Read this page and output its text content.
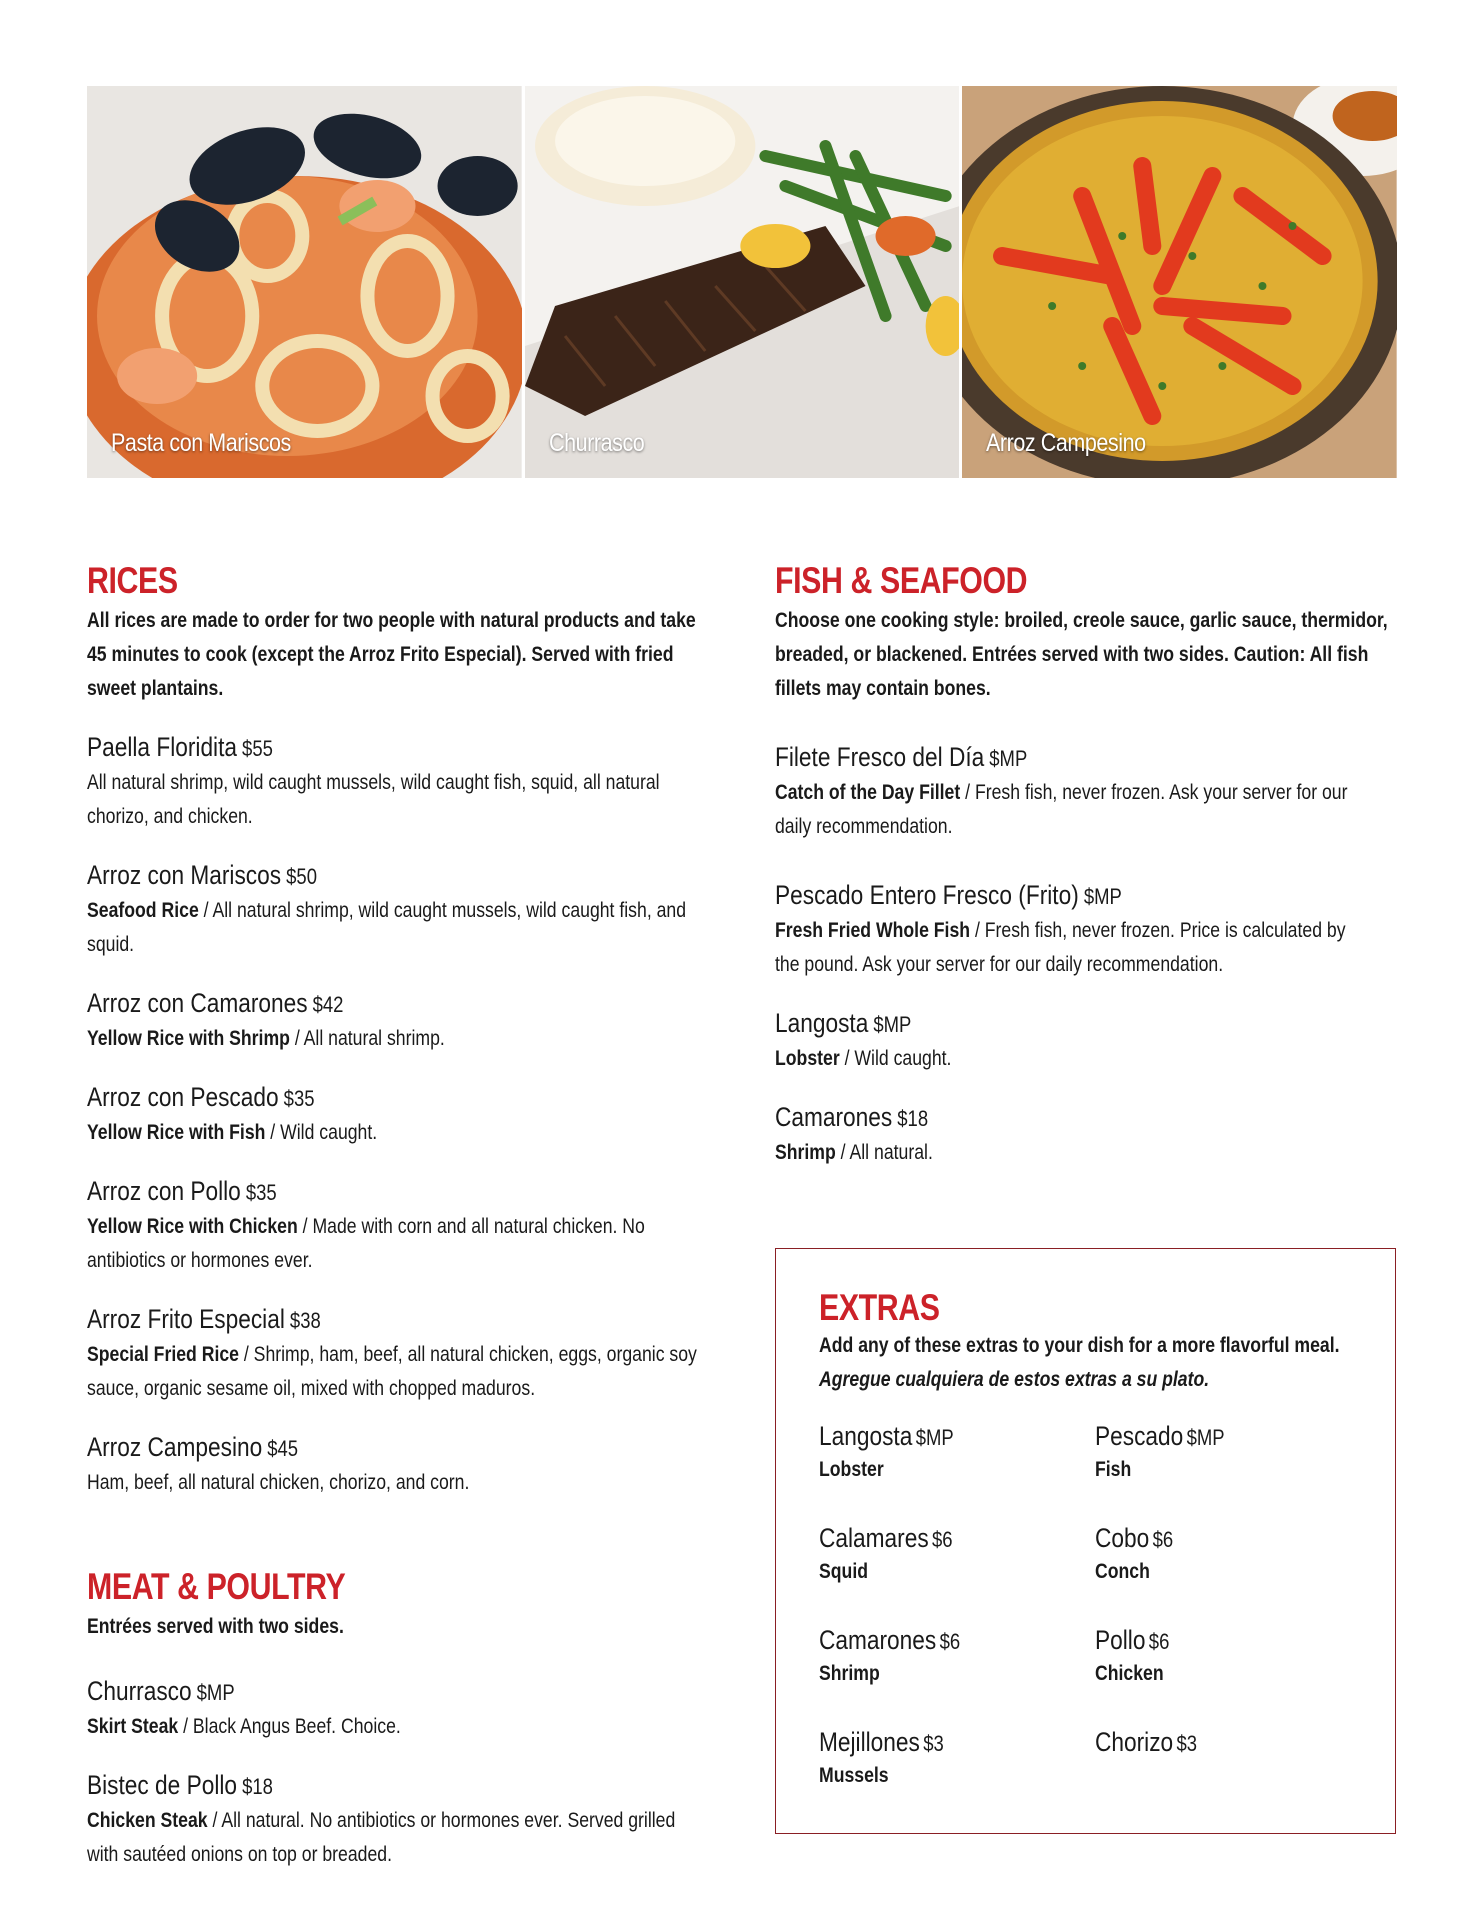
Pasta con Mariscos	Churrasco	Arroz Campesino
RICES
All rices are made to order for two people with natural products and take 45 minutes to cook (except the Arroz Frito Especial). Served with fried sweet plantains.
Paella Floridita $55
All natural shrimp, wild caught mussels, wild caught fish, squid, all natural chorizo, and chicken.
Arroz con Mariscos $50
Seafood Rice / All natural shrimp, wild caught mussels, wild caught fish, and squid.
Arroz con Camarones $42
Yellow Rice with Shrimp / All natural shrimp.
Arroz con Pescado $35
Yellow Rice with Fish / Wild caught.
Arroz con Pollo $35
Yellow Rice with Chicken / Made with corn and all natural chicken. No antibiotics or hormones ever.
Arroz Frito Especial $38
Special Fried Rice / Shrimp, ham, beef, all natural chicken, eggs, organic soy sauce, organic sesame oil, mixed with chopped maduros.
Arroz Campesino $45
Ham, beef, all natural chicken, chorizo, and corn.
MEAT & POULTRY
Entrées served with two sides.
Churrasco $MP
Skirt Steak / Black Angus Beef. Choice.
Bistec de Pollo $18
Chicken Steak / All natural. No antibiotics or hormones ever. Served grilled with sautéed onions on top or breaded.
FISH & SEAFOOD
Choose one cooking style: broiled, creole sauce, garlic sauce, thermidor, breaded, or blackened. Entrées served with two sides. Caution: All fish fillets may contain bones.
Filete Fresco del Día $MP
Catch of the Day Fillet / Fresh fish, never frozen. Ask your server for our daily recommendation.
Pescado Entero Fresco (Frito) $MP
Fresh Fried Whole Fish / Fresh fish, never frozen. Price is calculated by the pound. Ask your server for our daily recommendation.
Langosta $MP
Lobster / Wild caught.
Camarones $18
Shrimp / All natural.
EXTRAS
Add any of these extras to your dish for a more flavorful meal.
Agregue cualquiera de estos extras a su plato.
Langosta $MP
Lobster
Pescado $MP
Fish
Calamares $6
Squid
Cobo $6
Conch
Camarones $6
Shrimp
Pollo $6
Chicken
Mejillones $3
Mussels
Chorizo $3
